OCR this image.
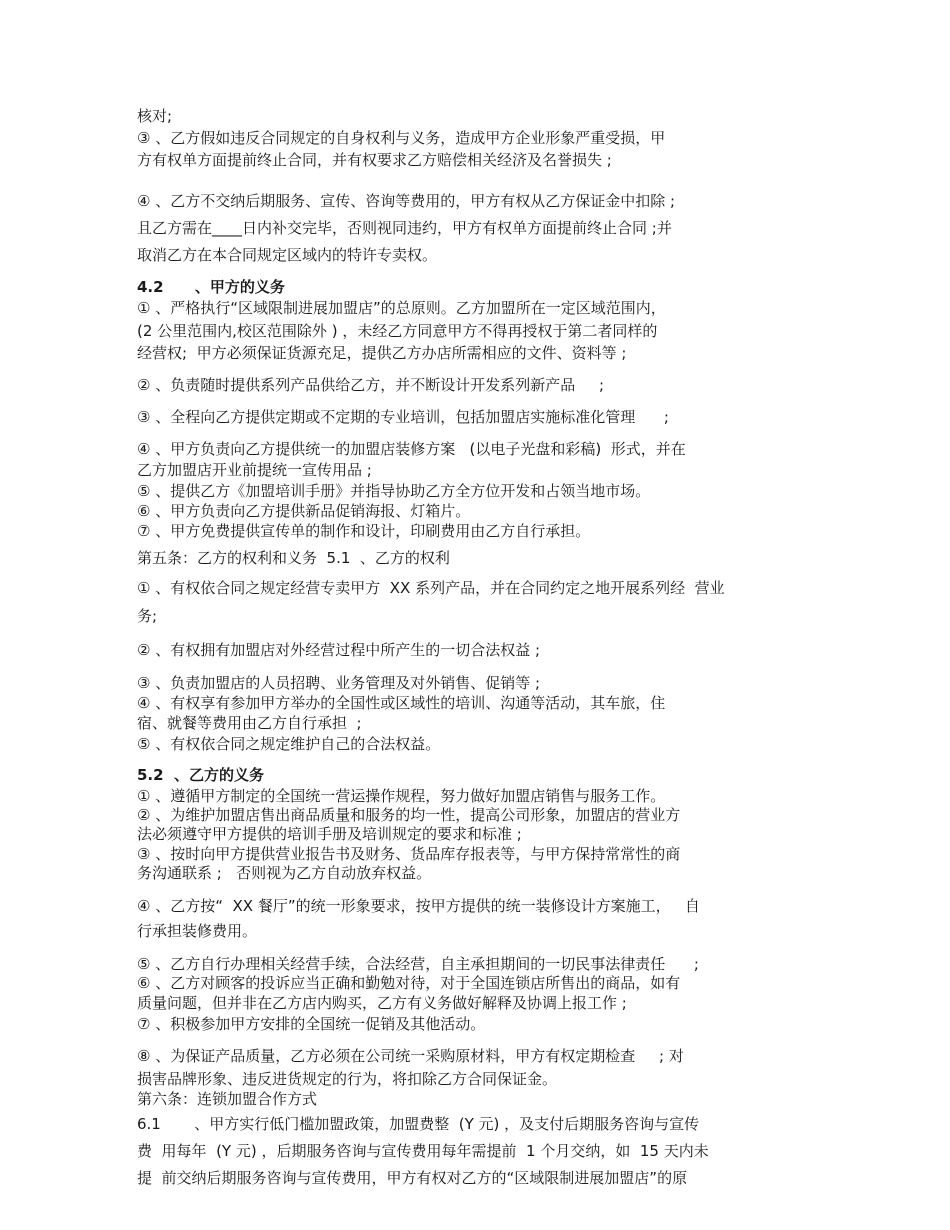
核对;
③ 、乙方假如违反合同规定的自身权利与义务，造成甲方企业形象严重受损，甲
方有权单方面提前终止合同，并有权要求乙方赔偿相关经济及名誉损失 ;
④ 、乙方不交纳后期服务、宣传、咨询等费用的，甲方有权从乙方保证金中扣除 ;
且乙方需在____日内补交完毕，否则视同违约，甲方有权单方面提前终止合同 ;并
取消乙方在本合同规定区域内的特许专卖权。
4.2      、甲方的义务
① 、严格执行“区域限制进展加盟店”的总原则。乙方加盟所在一定区域范围内，
(2 公里范围内,校区范围除外 ) ，未经乙方同意甲方不得再授权于第二者同样的
经营权;  甲方必须保证货源充足，提供乙方办店所需相应的文件、资料等 ;
② 、负责随时提供系列产品供给乙方，并不断设计开发系列新产品     ;
③ 、全程向乙方提供定期或不定期的专业培训，包括加盟店实施标准化管理      ;
④ 、甲方负责向乙方提供统一的加盟店装修方案   (以电子光盘和彩稿)  形式，并在
乙方加盟店开业前提统一宣传用品 ;
⑤ 、提供乙方《加盟培训手册》并指导协助乙方全方位开发和占领当地市场。
⑥ 、甲方负责向乙方提供新品促销海报、灯箱片。
⑦ 、甲方免费提供宣传单的制作和设计，印刷费用由乙方自行承担。
第五条：乙方的权利和义务  5.1  、乙方的权利
① 、有权依合同之规定经营专卖甲方  XX 系列产品，并在合同约定之地开展系列经  营业
务;
② 、有权拥有加盟店对外经营过程中所产生的一切合法权益 ;
③ 、负责加盟店的人员招聘、业务管理及对外销售、促销等 ;
④ 、有权享有参加甲方举办的全国性或区域性的培训、沟通等活动，其车旅，住
宿、就餐等费用由乙方自行承担  ;
⑤ 、有权依合同之规定维护自己的合法权益。
5.2  、乙方的义务
① 、遵循甲方制定的全国统一营运操作规程，努力做好加盟店销售与服务工作。
② 、为维护加盟店售出商品质量和服务的均一性，提高公司形象，加盟店的营业方
法必须遵守甲方提供的培训手册及培训规定的要求和标准 ;
③ 、按时向甲方提供营业报告书及财务、货品库存报表等，与甲方保持常常性的商
务沟通联系 ;   否则视为乙方自动放弃权益。
④ 、乙方按“  XX 餐厅”的统一形象要求，按甲方提供的统一装修设计方案施工，   自
行承担装修费用。
⑤ 、乙方自行办理相关经营手续，合法经营，自主承担期间的一切民事法律责任      ;
⑥ 、乙方对顾客的投诉应当正确和勤勉对待，对于全国连锁店所售出的商品，如有
质量问题，但并非在乙方店内购买，乙方有义务做好解释及协调上报工作 ;
⑦ 、积极参加甲方安排的全国统一促销及其他活动。
⑧ 、为保证产品质量，乙方必须在公司统一采购原材料，甲方有权定期检查     ; 对
损害品牌形象、违反进货规定的行为，将扣除乙方合同保证金。
第六条：连锁加盟合作方式
6.1       、甲方实行低门槛加盟政策，加盟费整  (Y 元) ，及支付后期服务咨询与宣传
费  用每年  (Y 元) ，后期服务咨询与宣传费用每年需提前  1 个月交纳，如  15 天内未
提  前交纳后期服务咨询与宣传费用，甲方有权对乙方的“区域限制进展加盟店”的原
